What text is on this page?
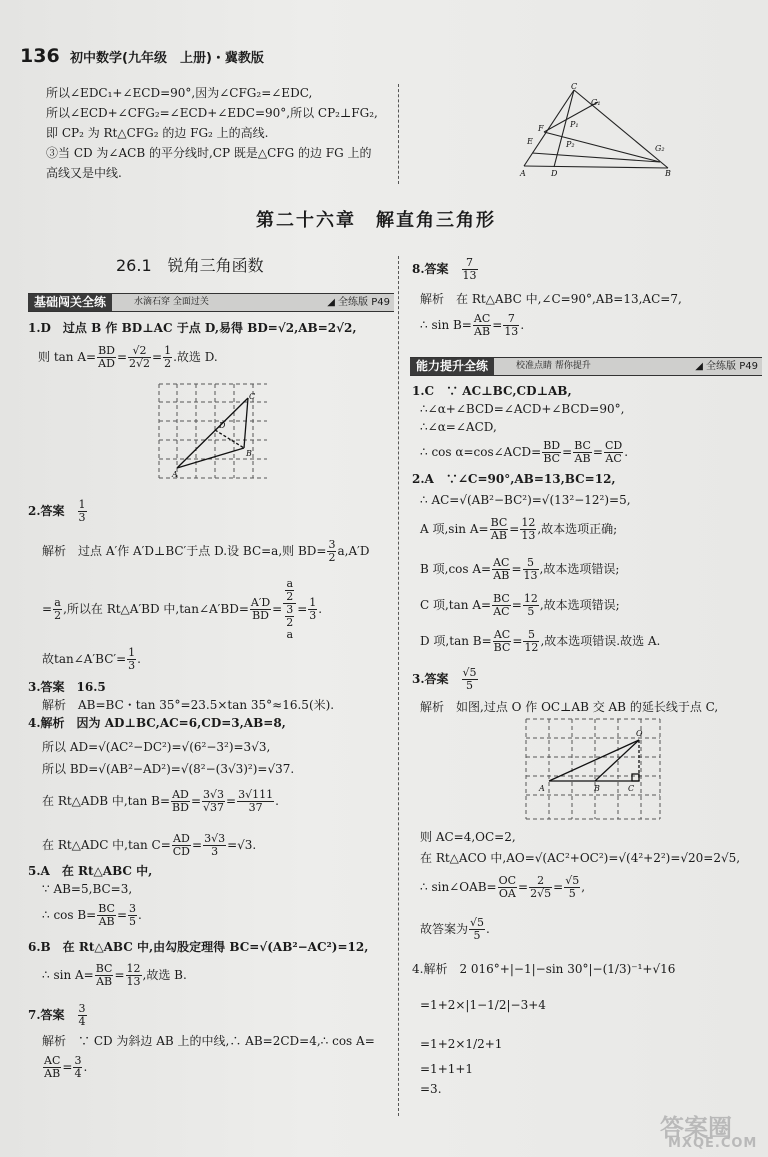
136 初中数学(九年级　上册)・冀教版
所以∠EDC₁+∠ECD=90°,因为∠CFG₂=∠EDC,
所以∠ECD+∠CFG₂=∠ECD+∠EDC=90°,所以 CP₂⊥FG₂,
即 CP₂ 为 Rt△CFG₂ 的边 FG₂ 上的高线.
③当 CD 为∠ACB 的平分线时,CP 既是△CFG 的边 FG 上的
高线又是中线.
C
G₁
F	P₁
E	P₂	G₂
A	D	B
第二十六章　解直角三角形
26.1　锐角三角函数
基础闯关全练	水滴石穿 全面过关	◢ 全练版 P49
1.D　过点 B 作 BD⊥AC 于点 D,易得 BD=√2,AB=2√2,
则 $\tan A= \frac{BD}{AD} = \frac{√2}{2√2} = \frac{1}{2}$ .故选 D.
C
D
B
A
2.答案　 $\frac{1}{3}$
解析　过点 A′作 A′D⊥BC′于点 D.设 BC=a,则 $BD= \frac{3}{2} a,A'D$
= $\frac{a}{2}$ ,所以在 Rt△A′BD 中,tan∠A′BD= $\frac{A'D}{BD} = a$
2
3
2
$a = \frac{1}{3}$ .
故tan∠A′BC′= $\frac{1}{3}$ .
3.答案　16.5
解析　AB=BC・tan 35°=23.5×tan 35°≈16.5(米).
4.解析　因为 AD⊥BC,AC=6,CD=3,AB=8,
所以 AD=√(AC²−DC²)=√(6²−3²)=3√3,
所以 BD=√(AB²−AD²)=√(8²−(3√3)²)=√37.
在 Rt△ADB 中,tan $B= \frac{AD}{BD} = \frac{3√3}{√37} = \frac{3√111}{37}$ .
在 Rt△ADC 中,tan $C= \frac{AD}{CD} = \frac{3√3}{3} =√3$.
5.A　在 Rt△ABC 中,
∵ AB=5,BC=3,
∴ $\cos B= \frac{BC}{AB} = \frac{3}{5}$ .
6.B　在 Rt△ABC 中,由勾股定理得 BC=√(AB²−AC²)=12,
∴ $\sin A= \frac{BC}{AB} = \frac{12}{13}$ ,故选 B.
7.答案　 $\frac{3}{4}$
解析　∵ CD 为斜边 AB 上的中线,∴ AB=2CD=4,∴ cos A=
$\frac{AC}{AB} = \frac{3}{4}$ .
8.答案　 $\frac{7}{13}$
解析　在 Rt△ABC 中,∠C=90°,AB=13,AC=7,
∴ $\sin B= \frac{AC}{AB} = \frac{7}{13}$ .
能力提升全练	校准点睛 帮你提升	◢ 全练版 P49
1.C　∵ AC⊥BC,CD⊥AB,
∴∠α+∠BCD=∠ACD+∠BCD=90°,
∴∠α=∠ACD,
∴ cos α=cos∠ACD= $\frac{BD}{BC} = \frac{BC}{AB} = \frac{CD}{AC}$ .
2.A　∵∠C=90°,AB=13,BC=12,
∴ AC=√(AB²−BC²)=√(13²−12²)=5,
A 项,sin $A= \frac{BC}{AB} = \frac{12}{13}$ ,故本选项正确;
B 项,cos $A= \frac{AC}{AB} = \frac{5}{13}$ ,故本选项错误;
C 项,tan $A= \frac{BC}{AC} = \frac{12}{5}$ ,故本选项错误;
D 项,tan $B= \frac{AC}{BC} = \frac{5}{12}$ ,故本选项错误.故选 A.
3.答案　 $\frac{√5}{5}$
解析　如图,过点 O 作 OC⊥AB 交 AB 的延长线于点 C,
O
A	B	C
则 AC=4,OC=2,
在 Rt△ACO 中,AO=√(AC²+OC²)=√(4²+2²)=√20=2√5,
∴ sin∠OAB= $\frac{OC}{OA} = \frac{2}{2√5} = \frac{√5}{5}$ ,
故答案为 $\frac{√5}{5}$ .
4.解析　2 016°+|−1|−sin 30°|−(1/3)⁻¹+√16
=1+2×|1−1/2|−3+4
=1+2×1/2+1
=1+1+1
=3.
答案圈
MXQE.COM
